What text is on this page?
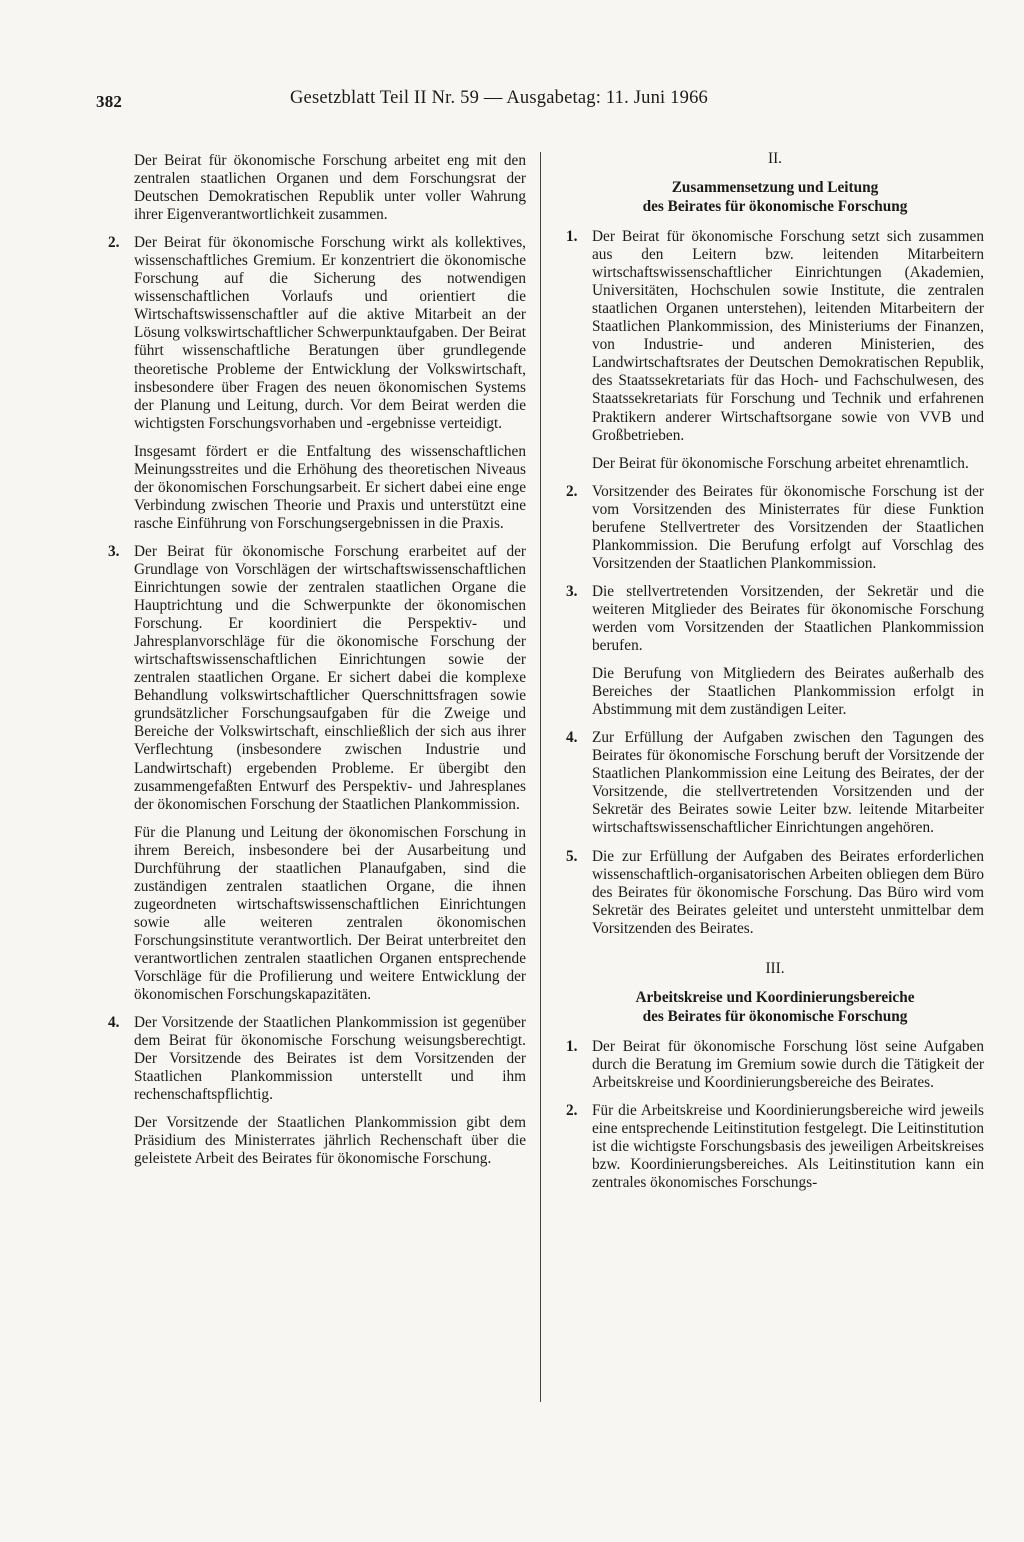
382	Gesetzblatt Teil II Nr. 59 — Ausgabetag: 11. Juni 1966

Der Beirat für ökonomische Forschung arbeitet eng mit den zentralen staatlichen Organen und dem Forschungsrat der Deutschen Demokratischen Republik unter voller Wahrung ihrer Eigenverantwortlichkeit zusammen.

2. Der Beirat für ökonomische Forschung wirkt als kollektives, wissenschaftliches Gremium. Er konzentriert die ökonomische Forschung auf die Sicherung des notwendigen wissenschaftlichen Vorlaufs und orientiert die Wirtschaftswissenschaftler auf die aktive Mitarbeit an der Lösung volkswirtschaftlicher Schwerpunktaufgaben. Der Beirat führt wissenschaftliche Beratungen über grundlegende theoretische Probleme der Entwicklung der Volkswirtschaft, insbesondere über Fragen des neuen ökonomischen Systems der Planung und Leitung, durch. Vor dem Beirat werden die wichtigsten Forschungsvorhaben und -ergebnisse verteidigt.

Insgesamt fördert er die Entfaltung des wissenschaftlichen Meinungsstreites und die Erhöhung des theoretischen Niveaus der ökonomischen Forschungsarbeit. Er sichert dabei eine enge Verbindung zwischen Theorie und Praxis und unterstützt eine rasche Einführung von Forschungsergebnissen in die Praxis.

3. Der Beirat für ökonomische Forschung erarbeitet auf der Grundlage von Vorschlägen der wirtschaftswissenschaftlichen Einrichtungen sowie der zentralen staatlichen Organe die Hauptrichtung und die Schwerpunkte der ökonomischen Forschung. Er koordiniert die Perspektiv- und Jahresplanvorschläge für die ökonomische Forschung der wirtschaftswissenschaftlichen Einrichtungen sowie der zentralen staatlichen Organe. Er sichert dabei die komplexe Behandlung volkswirtschaftlicher Querschnittsfragen sowie grundsätzlicher Forschungsaufgaben für die Zweige und Bereiche der Volkswirtschaft, einschließlich der sich aus ihrer Verflechtung (insbesondere zwischen Industrie und Landwirtschaft) ergebenden Probleme. Er übergibt den zusammengefaßten Entwurf des Perspektiv- und Jahresplanes der ökonomischen Forschung der Staatlichen Plankommission.

Für die Planung und Leitung der ökonomischen Forschung in ihrem Bereich, insbesondere bei der Ausarbeitung und Durchführung der staatlichen Planaufgaben, sind die zuständigen zentralen staatlichen Organe, die ihnen zugeordneten wirtschaftswissenschaftlichen Einrichtungen sowie alle weiteren zentralen ökonomischen Forschungsinstitute verantwortlich. Der Beirat unterbreitet den verantwortlichen zentralen staatlichen Organen entsprechende Vorschläge für die Profilierung und weitere Entwicklung der ökonomischen Forschungskapazitäten.

4. Der Vorsitzende der Staatlichen Plankommission ist gegenüber dem Beirat für ökonomische Forschung weisungsberechtigt. Der Vorsitzende des Beirates ist dem Vorsitzenden der Staatlichen Plankommission unterstellt und ihm rechenschaftspflichtig.

Der Vorsitzende der Staatlichen Plankommission gibt dem Präsidium des Ministerrates jährlich Rechenschaft über die geleistete Arbeit des Beirates für ökonomische Forschung.

II.
Zusammensetzung und Leitung
des Beirates für ökonomische Forschung
1. Der Beirat für ökonomische Forschung setzt sich zusammen aus den Leitern bzw. leitenden Mitarbeitern wirtschaftswissenschaftlicher Einrichtungen (Akademien, Universitäten, Hochschulen sowie Institute, die zentralen staatlichen Organen unterstehen), leitenden Mitarbeitern der Staatlichen Plankommission, des Ministeriums der Finanzen, von Industrie- und anderen Ministerien, des Landwirtschaftsrates der Deutschen Demokratischen Republik, des Staatssekretariats für das Hoch- und Fachschulwesen, des Staatssekretariats für Forschung und Technik und erfahrenen Praktikern anderer Wirtschaftsorgane sowie von VVB und Großbetrieben.

Der Beirat für ökonomische Forschung arbeitet ehrenamtlich.

2. Vorsitzender des Beirates für ökonomische Forschung ist der vom Vorsitzenden des Ministerrates für diese Funktion berufene Stellvertreter des Vorsitzenden der Staatlichen Plankommission. Die Berufung erfolgt auf Vorschlag des Vorsitzenden der Staatlichen Plankommission.

3. Die stellvertretenden Vorsitzenden, der Sekretär und die weiteren Mitglieder des Beirates für ökonomische Forschung werden vom Vorsitzenden der Staatlichen Plankommission berufen.

Die Berufung von Mitgliedern des Beirates außerhalb des Bereiches der Staatlichen Plankommission erfolgt in Abstimmung mit dem zuständigen Leiter.

4. Zur Erfüllung der Aufgaben zwischen den Tagungen des Beirates für ökonomische Forschung beruft der Vorsitzende der Staatlichen Plankommission eine Leitung des Beirates, der der Vorsitzende, die stellvertretenden Vorsitzenden und der Sekretär des Beirates sowie Leiter bzw. leitende Mitarbeiter wirtschaftswissenschaftlicher Einrichtungen angehören.

5. Die zur Erfüllung der Aufgaben des Beirates erforderlichen wissenschaftlich-organisatorischen Arbeiten obliegen dem Büro des Beirates für ökonomische Forschung. Das Büro wird vom Sekretär des Beirates geleitet und untersteht unmittelbar dem Vorsitzenden des Beirates.

III.
Arbeitskreise und Koordinierungsbereiche
des Beirates für ökonomische Forschung
1. Der Beirat für ökonomische Forschung löst seine Aufgaben durch die Beratung im Gremium sowie durch die Tätigkeit der Arbeitskreise und Koordinierungsbereiche des Beirates.

2. Für die Arbeitskreise und Koordinierungsbereiche wird jeweils eine entsprechende Leitinstitution festgelegt. Die Leitinstitution ist die wichtigste Forschungsbasis des jeweiligen Arbeitskreises bzw. Koordinierungsbereiches. Als Leitinstitution kann ein zentrales ökonomisches Forschungs-
